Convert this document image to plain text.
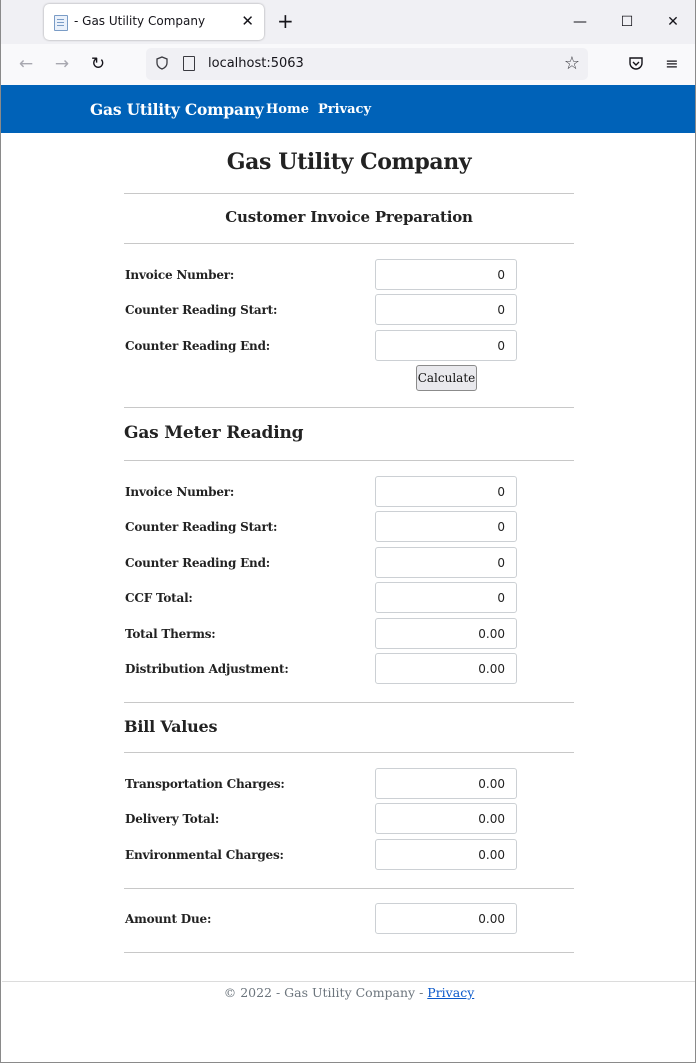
- Gas Utility Company ✕ +	—	☐	✕
← → ↻	localhost:5063	☆	≡
Gas Utility Company Home Privacy
Gas Utility Company
Customer Invoice Preparation
Invoice Number:
0
Counter Reading Start:
0
Counter Reading End:
0
Calculate
Gas Meter Reading
Invoice Number:
0
Counter Reading Start:
0
Counter Reading End:
0
CCF Total:
0
Total Therms:
0.00
Distribution Adjustment:
0.00
Bill Values
Transportation Charges:
0.00
Delivery Total:
0.00
Environmental Charges:
0.00
Amount Due:
0.00
© 2022 - Gas Utility Company - Privacy
